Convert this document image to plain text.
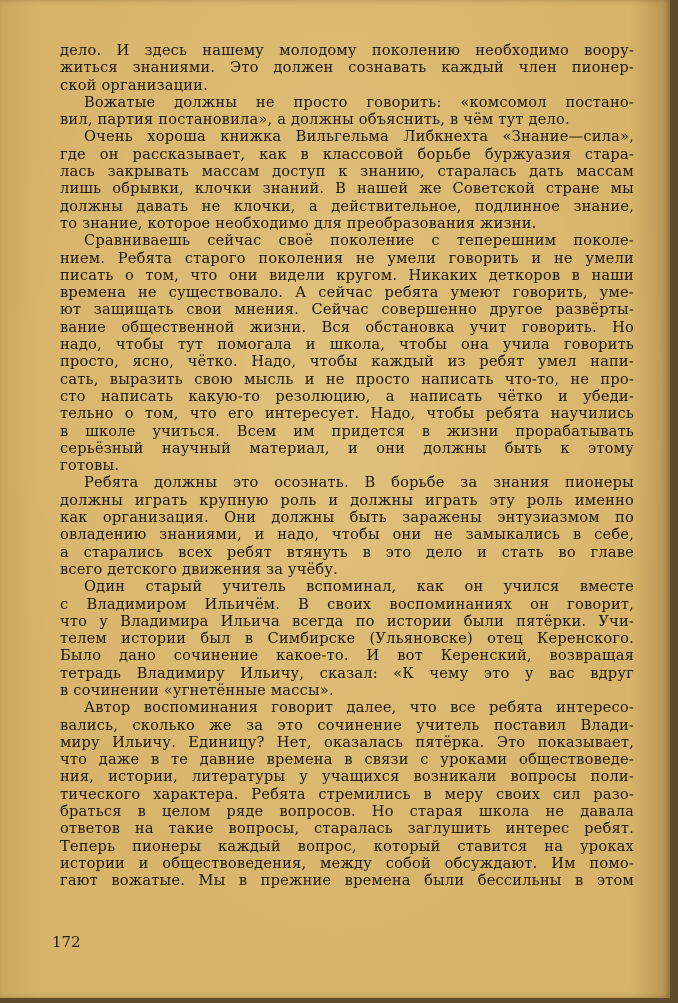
дело. И здесь нашему молодому поколению необходимо воору-
житься знаниями. Это должен сознавать каждый член пионер-
ской организации.
Вожатые должны не просто говорить: «комсомол постано-
вил, партия постановила», а должны объяснить, в чём тут дело.
Очень хороша книжка Вильгельма Либкнехта «Знание—сила»,
где он рассказывает, как в классовой борьбе буржуазия стара-
лась закрывать массам доступ к знанию, старалась дать массам
лишь обрывки, клочки знаний. В нашей же Советской стране мы
должны давать не клочки, а действительное, подлинное знание,
то знание, которое необходимо для преобразования жизни.
Сравниваешь сейчас своё поколение с теперешним поколе-
нием. Ребята старого поколения не умели говорить и не умели
писать о том, что они видели кругом. Никаких деткоров в наши
времена не существовало. А сейчас ребята умеют говорить, уме-
ют защищать свои мнения. Сейчас совершенно другое развёрты-
вание общественной жизни. Вся обстановка учит говорить. Но
надо, чтобы тут помогала и школа, чтобы она учила говорить
просто, ясно, чётко. Надо, чтобы каждый из ребят умел напи-
сать, выразить свою мысль и не просто написать что-то, не про-
сто написать какую-то резолюцию, а написать чётко и убеди-
тельно о том, что его интересует. Надо, чтобы ребята научились
в школе учиться. Всем им придется в жизни прорабатывать
серьёзный научный материал, и они должны быть к этому
готовы.
Ребята должны это осознать. В борьбе за знания пионеры
должны играть крупную роль и должны играть эту роль именно
как организация. Они должны быть заражены энтузиазмом по
овладению знаниями, и надо, чтобы они не замыкались в себе,
а старались всех ребят втянуть в это дело и стать во главе
всего детского движения за учёбу.
Один старый учитель вспоминал, как он учился вместе
с Владимиром Ильичём. В своих воспоминаниях он говорит,
что у Владимира Ильича всегда по истории были пятёрки. Учи-
телем истории был в Симбирске (Ульяновске) отец Керенского.
Было дано сочинение какое-то. И вот Керенский, возвращая
тетрадь Владимиру Ильичу, сказал: «К чему это у вас вдруг
в сочинении «угнетённые массы».
Автор воспоминания говорит далее, что все ребята интересо-
вались, сколько же за это сочинение учитель поставил Влади-
миру Ильичу. Единицу? Нет, оказалась пятёрка. Это показывает,
что даже в те давние времена в связи с уроками обществоведе-
ния, истории, литературы у учащихся возникали вопросы поли-
тического характера. Ребята стремились в меру своих сил разо-
браться в целом ряде вопросов. Но старая школа не давала
ответов на такие вопросы, старалась заглушить интерес ребят.
Теперь пионеры каждый вопрос, который ставится на уроках
истории и обществоведения, между собой обсуждают. Им помо-
гают вожатые. Мы в прежние времена были бессильны в этом
172
